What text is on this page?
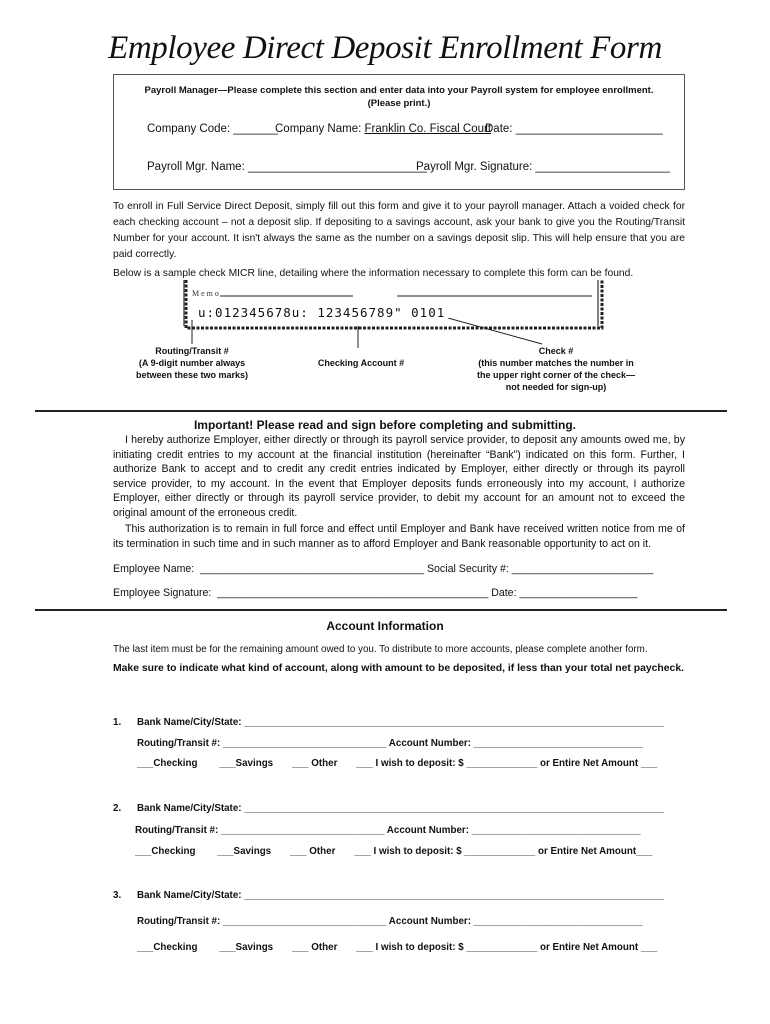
Employee Direct Deposit Enrollment Form
Payroll Manager—Please complete this section and enter data into your Payroll system for employee enrollment.
(Please print.)
Company Code: _______
Company Name: Franklin Co. Fiscal Court
Date: _______________________
Payroll Mgr. Name: ____________________________
Payroll Mgr. Signature: _____________________
To enroll in Full Service Direct Deposit, simply fill out this form and give it to your payroll manager. Attach a voided check for each checking account – not a deposit slip. If depositing to a savings account, ask your bank to give you the Routing/Transit Number for your account. It isn't always the same as the number on a savings deposit slip. This will help ensure that you are paid correctly.
Below is a sample check MICR line, detailing where the information necessary to complete this form can be found.
Memo
u:012345678u: 123456789" 0101
Routing/Transit #
(A 9-digit number always
between these two marks)
Checking Account #
Check #
(this number matches the number in
the upper right corner of the check—
not needed for sign-up)
Important! Please read and sign before completing and submitting.
I hereby authorize Employer, either directly or through its payroll service provider, to deposit any amounts owed me, by initiating credit entries to my account at the financial institution (hereinafter “Bank”) indicated on this form. Further, I authorize Bank to accept and to credit any credit entries indicated by Employer, either directly or through its payroll service provider, to my account. In the event that Employer deposits funds erroneously into my account, I authorize Employer, either directly or through its payroll service provider, to debit my account for an amount not to exceed the original amount of the erroneous credit.
This authorization is to remain in full force and effect until Employer and Bank have received written notice from me of its termination in such time and in such manner as to afford Employer and Bank reasonable opportunity to act on it.
Employee Name:  ______________________________________ Social Security #: ________________________
Employee Signature:  ______________________________________________ Date: ____________________
Account Information
The last item must be for the remaining amount owed to you. To distribute to more accounts, please complete another form.
Make sure to indicate what kind of account, along with amount to be deposited, if less than your total net paycheck.
1. Bank Name/City/State: _____________________________________________________________________________
Routing/Transit #: ______________________________ Account Number: _______________________________
___Checking        ___Savings       ___ Other       ___ I wish to deposit: $ _____________ or Entire Net Amount ___
2. Bank Name/City/State: _____________________________________________________________________________
Routing/Transit #: ______________________________ Account Number: _______________________________
___Checking        ___Savings       ___ Other       ___ I wish to deposit: $ _____________ or Entire Net Amount___
3. Bank Name/City/State: _____________________________________________________________________________
Routing/Transit #: ______________________________ Account Number: _______________________________
___Checking        ___Savings       ___ Other       ___ I wish to deposit: $ _____________ or Entire Net Amount ___
